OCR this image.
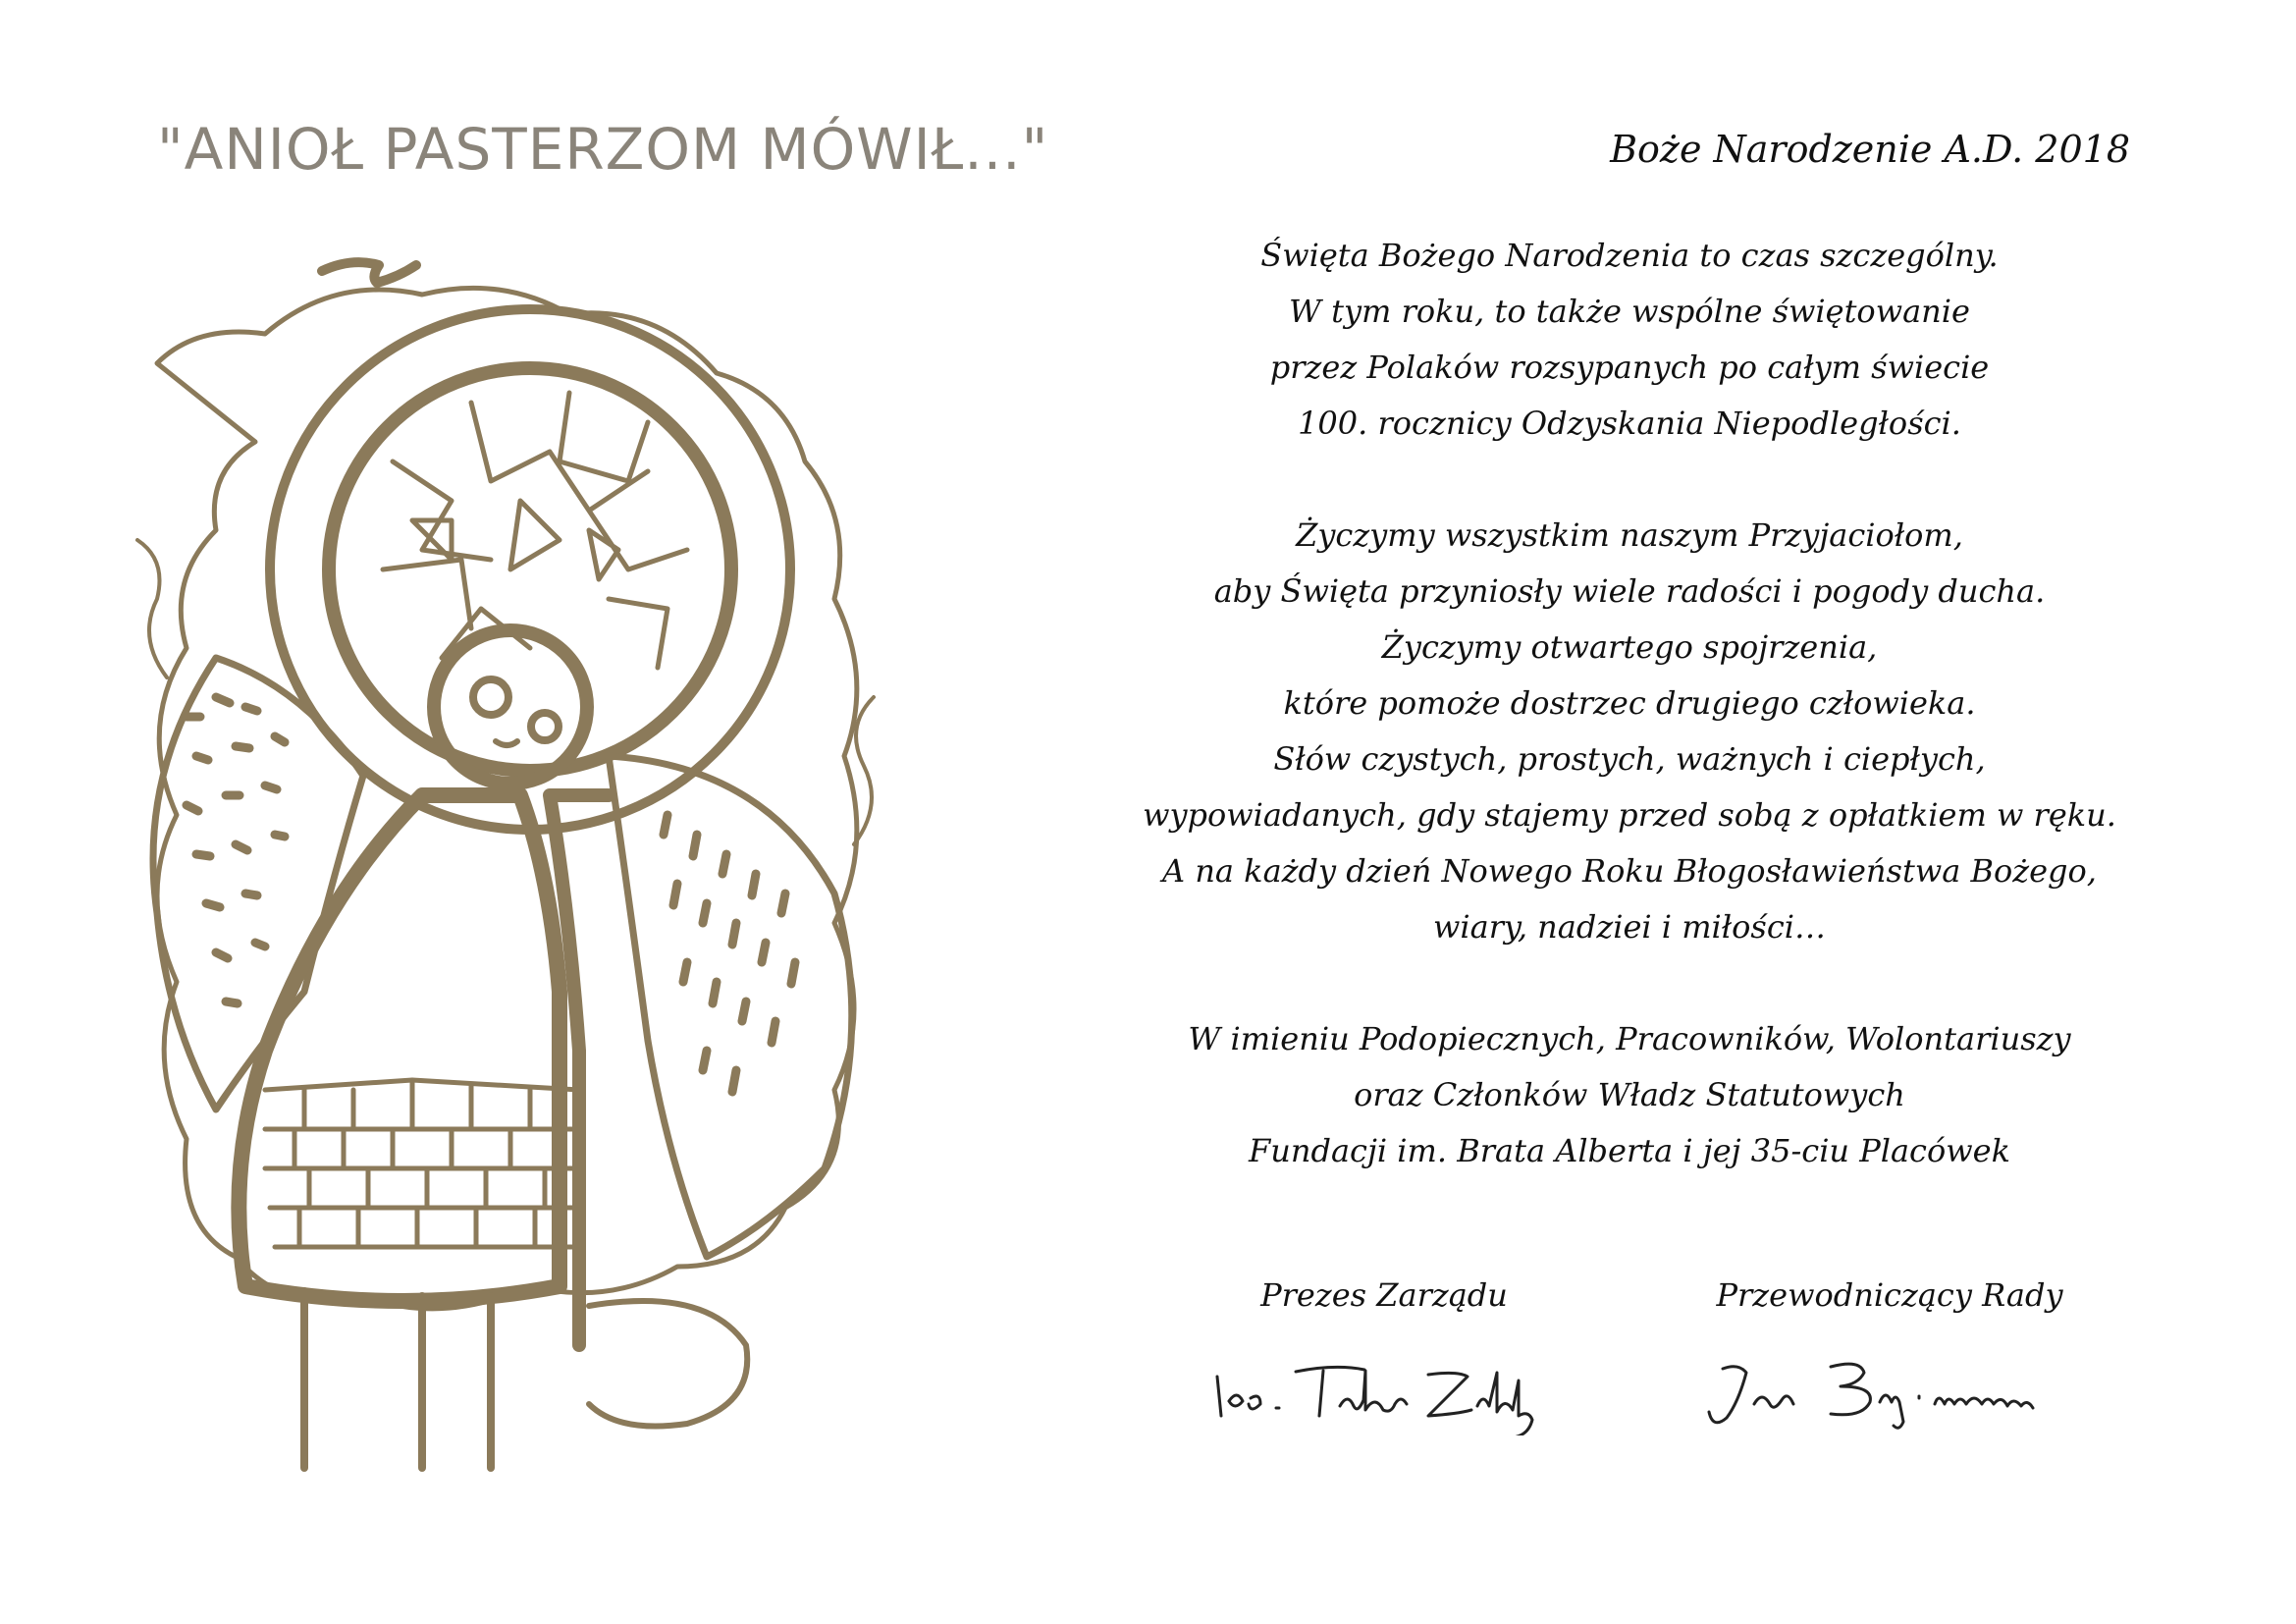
"ANIOŁ PASTERZOM MÓWIŁ..."	Boże Narodzenie A.D. 2018

Święta Bożego Narodzenia to czas szczególny.

W tym roku, to także wspólne świętowanie

przez Polaków rozsypanych po całym świecie

100. rocznicy Odzyskania Niepodległości.

Życzymy wszystkim naszym Przyjaciołom,

aby Święta przyniosły wiele radości i pogody ducha.

Życzymy otwartego spojrzenia,

które pomoże dostrzec drugiego człowieka.

Słów czystych, prostych, ważnych i ciepłych,

wypowiadanych, gdy stajemy przed sobą z opłatkiem w ręku.

A na każdy dzień Nowego Roku Błogosławieństwa Bożego,

wiary, nadziei i miłości…

W imieniu Podopiecznych, Pracowników, Wolontariuszy

oraz Członków Władz Statutowych

Fundacji im. Brata Alberta i jej 35-ciu Placówek

Prezes Zarządu	Przewodniczący Rady
